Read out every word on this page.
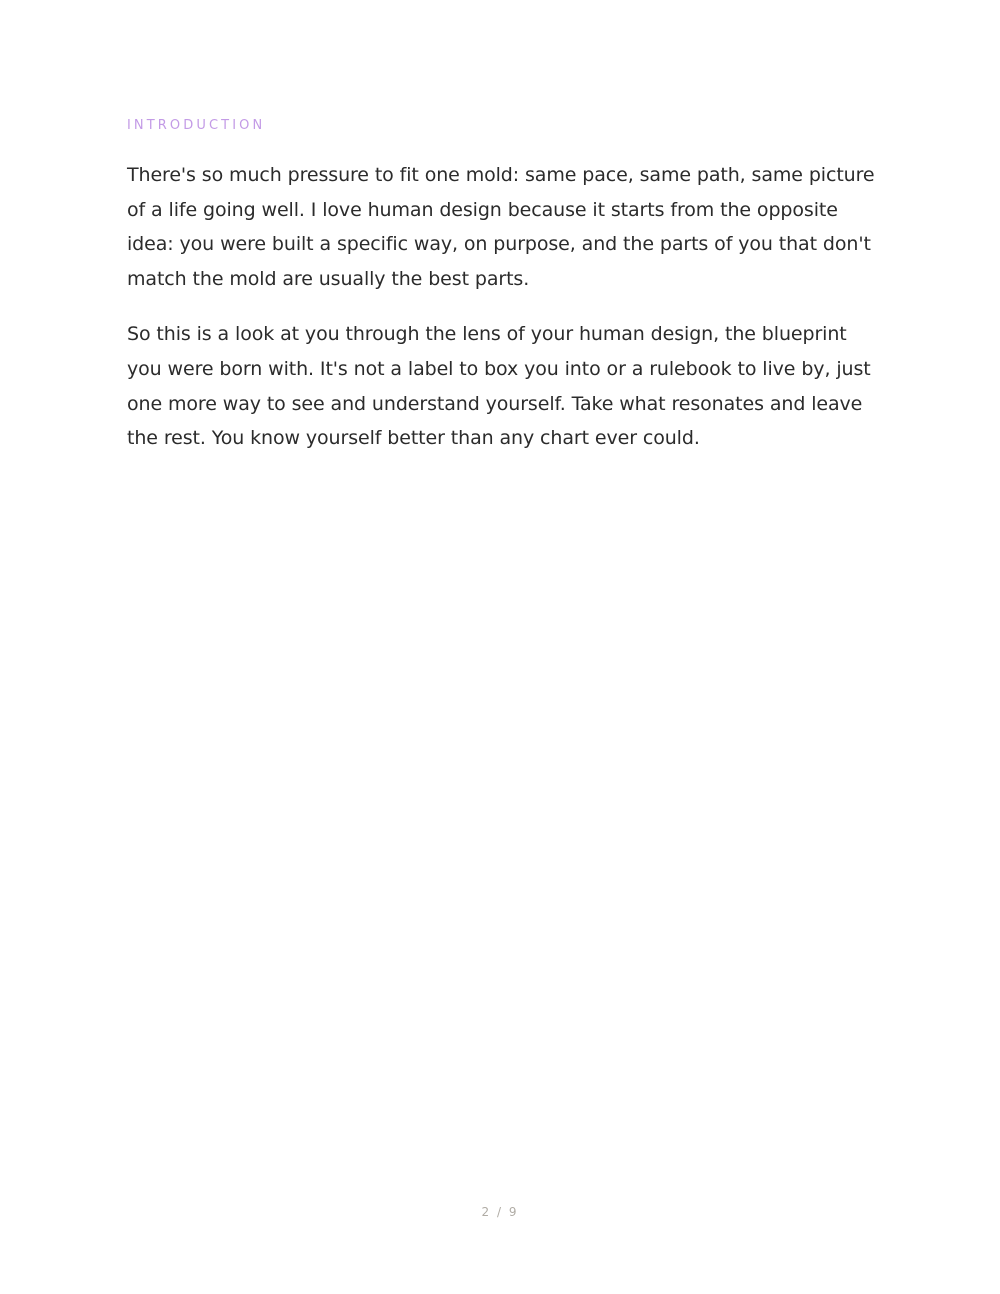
INTRODUCTION

There's so much pressure to fit one mold: same pace, same path, same picture of a life going well. I love human design because it starts from the opposite idea: you were built a specific way, on purpose, and the parts of you that don't match the mold are usually the best parts.

So this is a look at you through the lens of your human design, the blueprint you were born with. It's not a label to box you into or a rulebook to live by, just one more way to see and understand yourself. Take what resonates and leave the rest. You know yourself better than any chart ever could.

2 / 9
